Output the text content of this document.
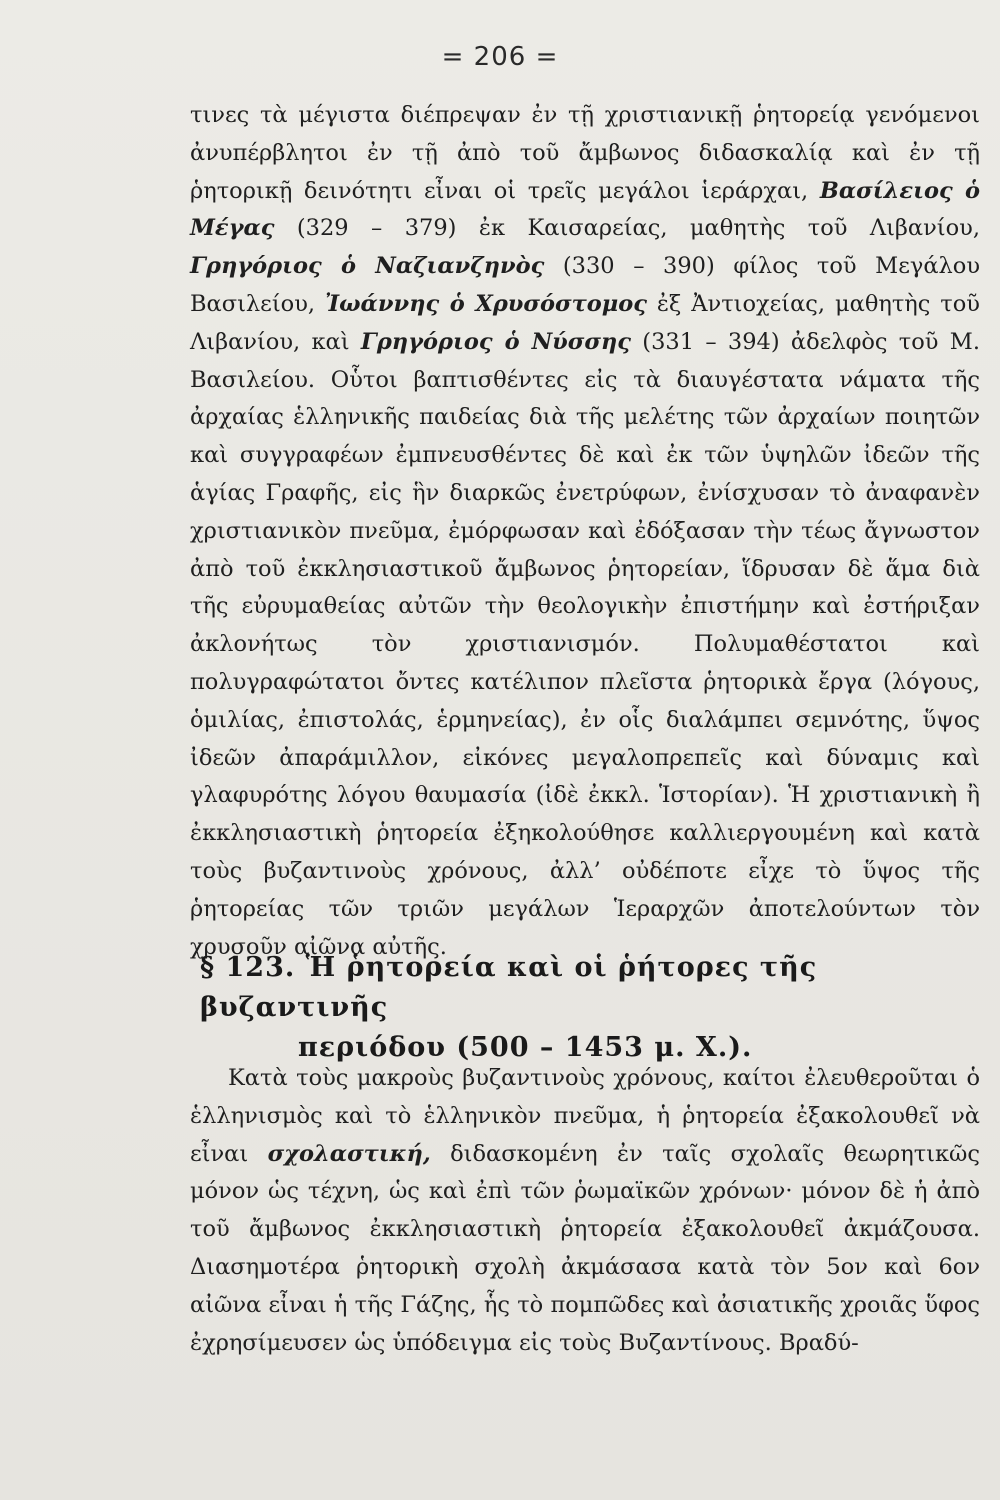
= 206 =

τινες τὰ μέγιστα διέπρεψαν ἐν τῇ χριστιανικῇ ῥητορείᾳ γενόμενοι ἀνυπέρβλητοι ἐν τῇ ἀπὸ τοῦ ἄμβωνος διδασκαλίᾳ καὶ ἐν τῇ ῥητορικῇ δεινότητι εἶναι οἱ τρεῖς μεγάλοι ἱεράρχαι, Βασίλειος ὁ Μέγας (329 – 379) ἐκ Καισαρείας, μαθητὴς τοῦ Λιβανίου, Γρηγόριος ὁ Ναζιανζηνὸς (330 – 390) φίλος τοῦ Μεγάλου Βασιλείου, Ἰωάννης ὁ Χρυσόστομος ἐξ Ἀντιοχείας, μαθητὴς τοῦ Λιβανίου, καὶ Γρηγόριος ὁ Νύσσης (331 – 394) ἀδελφὸς τοῦ Μ. Βασιλείου. Οὗτοι βαπτισθέντες εἰς τὰ διαυγέστατα νάματα τῆς ἀρχαίας ἑλληνικῆς παιδείας διὰ τῆς μελέτης τῶν ἀρχαίων ποιητῶν καὶ συγγραφέων ἐμπνευσθέντες δὲ καὶ ἐκ τῶν ὑψηλῶν ἰδεῶν τῆς ἁγίας Γραφῆς, εἰς ἣν διαρκῶς ἐνετρύφων, ἐνίσχυσαν τὸ ἀναφανὲν χριστιανικὸν πνεῦμα, ἐμόρφωσαν καὶ ἐδόξασαν τὴν τέως ἄγνωστον ἀπὸ τοῦ ἐκκλησιαστικοῦ ἄμβωνος ῥητορείαν, ἵδρυσαν δὲ ἅμα διὰ τῆς εὐρυμαθείας αὐτῶν τὴν θεολογικὴν ἐπιστήμην καὶ ἐστήριξαν ἀκλονήτως τὸν χριστιανισμόν. Πολυμαθέστατοι καὶ πολυγραφώτατοι ὄντες κατέλιπον πλεῖστα ῥητορικὰ ἔργα (λόγους, ὁμιλίας, ἐπιστολάς, ἑρμηνείας), ἐν οἷς διαλάμπει σεμνότης, ὕψος ἰδεῶν ἀπαράμιλλον, εἰκόνες μεγαλοπρεπεῖς καὶ δύναμις καὶ γλαφυρότης λόγου θαυμασία (ἰδὲ ἐκκλ. Ἱστορίαν). Ἡ χριστιανικὴ ἢ ἐκκλησιαστικὴ ῥητορεία ἐξηκολούθησε καλλιεργουμένη καὶ κατὰ τοὺς βυζαντινοὺς χρόνους, ἀλλ’ οὐδέποτε εἶχε τὸ ὕψος τῆς ῥητορείας τῶν τριῶν μεγάλων Ἱεραρχῶν ἀποτελούντων τὸν χρυσοῦν αἰῶνα αὐτῆς.

§ 123. Ἡ ῥητορεία καὶ οἱ ῥήτορες τῆς βυζαντινῆς
περιόδου (500 – 1453 μ. Χ.).

Κατὰ τοὺς μακροὺς βυζαντινοὺς χρόνους, καίτοι ἐλευθεροῦται ὁ ἑλληνισμὸς καὶ τὸ ἑλληνικὸν πνεῦμα, ἡ ῥητορεία ἐξακολουθεῖ νὰ εἶναι σχολαστική, διδασκομένη ἐν ταῖς σχολαῖς θεωρητικῶς μόνον ὡς τέχνη, ὡς καὶ ἐπὶ τῶν ῥωμαϊκῶν χρόνων· μόνον δὲ ἡ ἀπὸ τοῦ ἄμβωνος ἐκκλησιαστικὴ ῥητορεία ἐξακολουθεῖ ἀκμάζουσα. Διασημοτέρα ῥητορικὴ σχολὴ ἀκμάσασα κατὰ τὸν 5ον καὶ 6ον αἰῶνα εἶναι ἡ τῆς Γάζης, ἧς τὸ πομπῶδες καὶ ἀσιατικῆς χροιᾶς ὕφος ἐχρησίμευσεν ὡς ὑπόδειγμα εἰς τοὺς Βυζαντίνους. Βραδύ-
